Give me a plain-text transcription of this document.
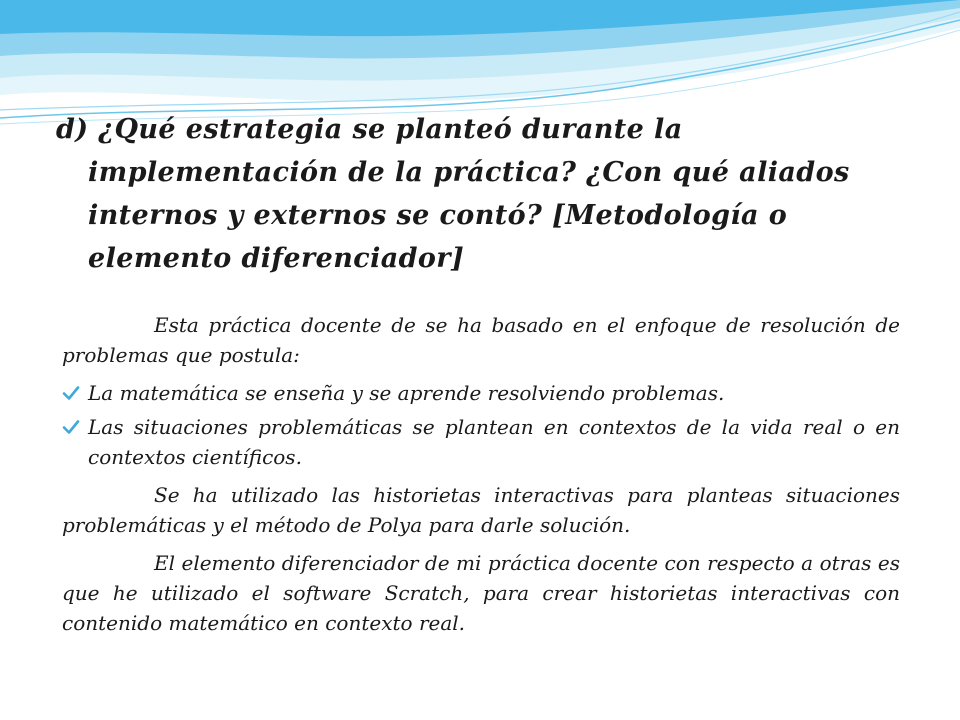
d) ¿Qué estrategia se planteó durante la implementación de la práctica? ¿Con qué aliados internos y externos se contó? [Metodología o elemento diferenciador]

Esta práctica docente de se ha basado en el enfoque de resolución de problemas que postula:

La matemática se enseña y se aprende resolviendo problemas.
Las situaciones problemáticas se plantean en contextos de la vida real o en contextos científicos.

Se ha utilizado las historietas interactivas para planteas situaciones problemáticas y el método de Polya para darle solución.

El elemento diferenciador de mi práctica docente con respecto a otras es que he utilizado el software Scratch, para crear historietas interactivas con contenido matemático en contexto real.
